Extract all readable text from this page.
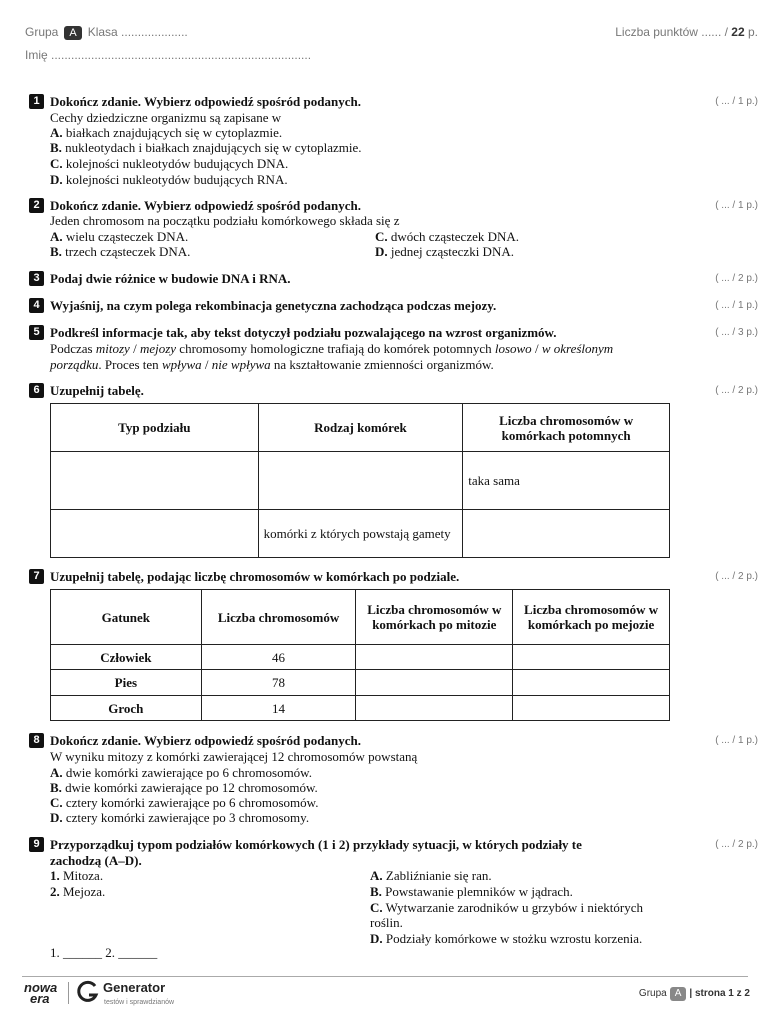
Grupa A Klasa ....................	Liczba punktów ...... / 22 p.
Imię ..............................................................................
1 Dokończ zdanie. Wybierz odpowiedź spośród podanych.	( ... / 1 p.)
Cechy dziedziczne organizmu są zapisane w
A. białkach znajdujących się w cytoplazmie.
B. nukleotydach i białkach znajdujących się w cytoplazmie.
C. kolejności nukleotydów budujących DNA.
D. kolejności nukleotydów budujących RNA.
2 Dokończ zdanie. Wybierz odpowiedź spośród podanych.	( ... / 1 p.)
Jeden chromosom na początku podziału komórkowego składa się z
A. wielu cząsteczek DNA.
B. trzech cząsteczek DNA.
C. dwóch cząsteczek DNA.
D. jednej cząsteczki DNA.
3 Podaj dwie różnice w budowie DNA i RNA.	( ... / 2 p.)
4 Wyjaśnij, na czym polega rekombinacja genetyczna zachodząca podczas mejozy.	( ... / 1 p.)
5 Podkreśl informacje tak, aby tekst dotyczył podziału pozwalającego na wzrost organizmów.	( ... / 3 p.)
Podczas mitozy / mejozy chromosomy homologiczne trafiają do komórek potomnych losowo / w określonym
porządku. Proces ten wpływa / nie wpływa na kształtowanie zmienności organizmów.
6 Uzupełnij tabelę.	( ... / 2 p.)
Typ podziału	Rodzaj komórek	Liczba chromosomów w komórkach potomnych
		taka sama
	komórki z których powstają gamety	
7 Uzupełnij tabelę, podając liczbę chromosomów w komórkach po podziale.	( ... / 2 p.)
Gatunek	Liczba chromosomów	Liczba chromosomów w komórkach po mitozie	Liczba chromosomów w komórkach po mejozie
Człowiek	46		
Pies	78		
Groch	14		
8 Dokończ zdanie. Wybierz odpowiedź spośród podanych.	( ... / 1 p.)
W wyniku mitozy z komórki zawierającej 12 chromosomów powstaną
A. dwie komórki zawierające po 6 chromosomów.
B. dwie komórki zawierające po 12 chromosomów.
C. cztery komórki zawierające po 6 chromosomów.
D. cztery komórki zawierające po 3 chromosomy.
9 Przyporządkuj typom podziałów komórkowych (1 i 2) przykłady sytuacji, w których podziały te
zachodzą (A–D).
( ... / 2 p.)
1. Mitoza.
2. Mejoza.
A. Zabliźnianie się ran.
B. Powstawanie plemników w jądrach.
C. Wytwarzanie zarodników u grzybów i niektórych
roślin.
D. Podziały komórkowe w stożku wzrostu korzenia.
1. ______ 2. ______
nowa
era
Generator
testów i sprawdzianów
Grupa A | strona 1 z 2
